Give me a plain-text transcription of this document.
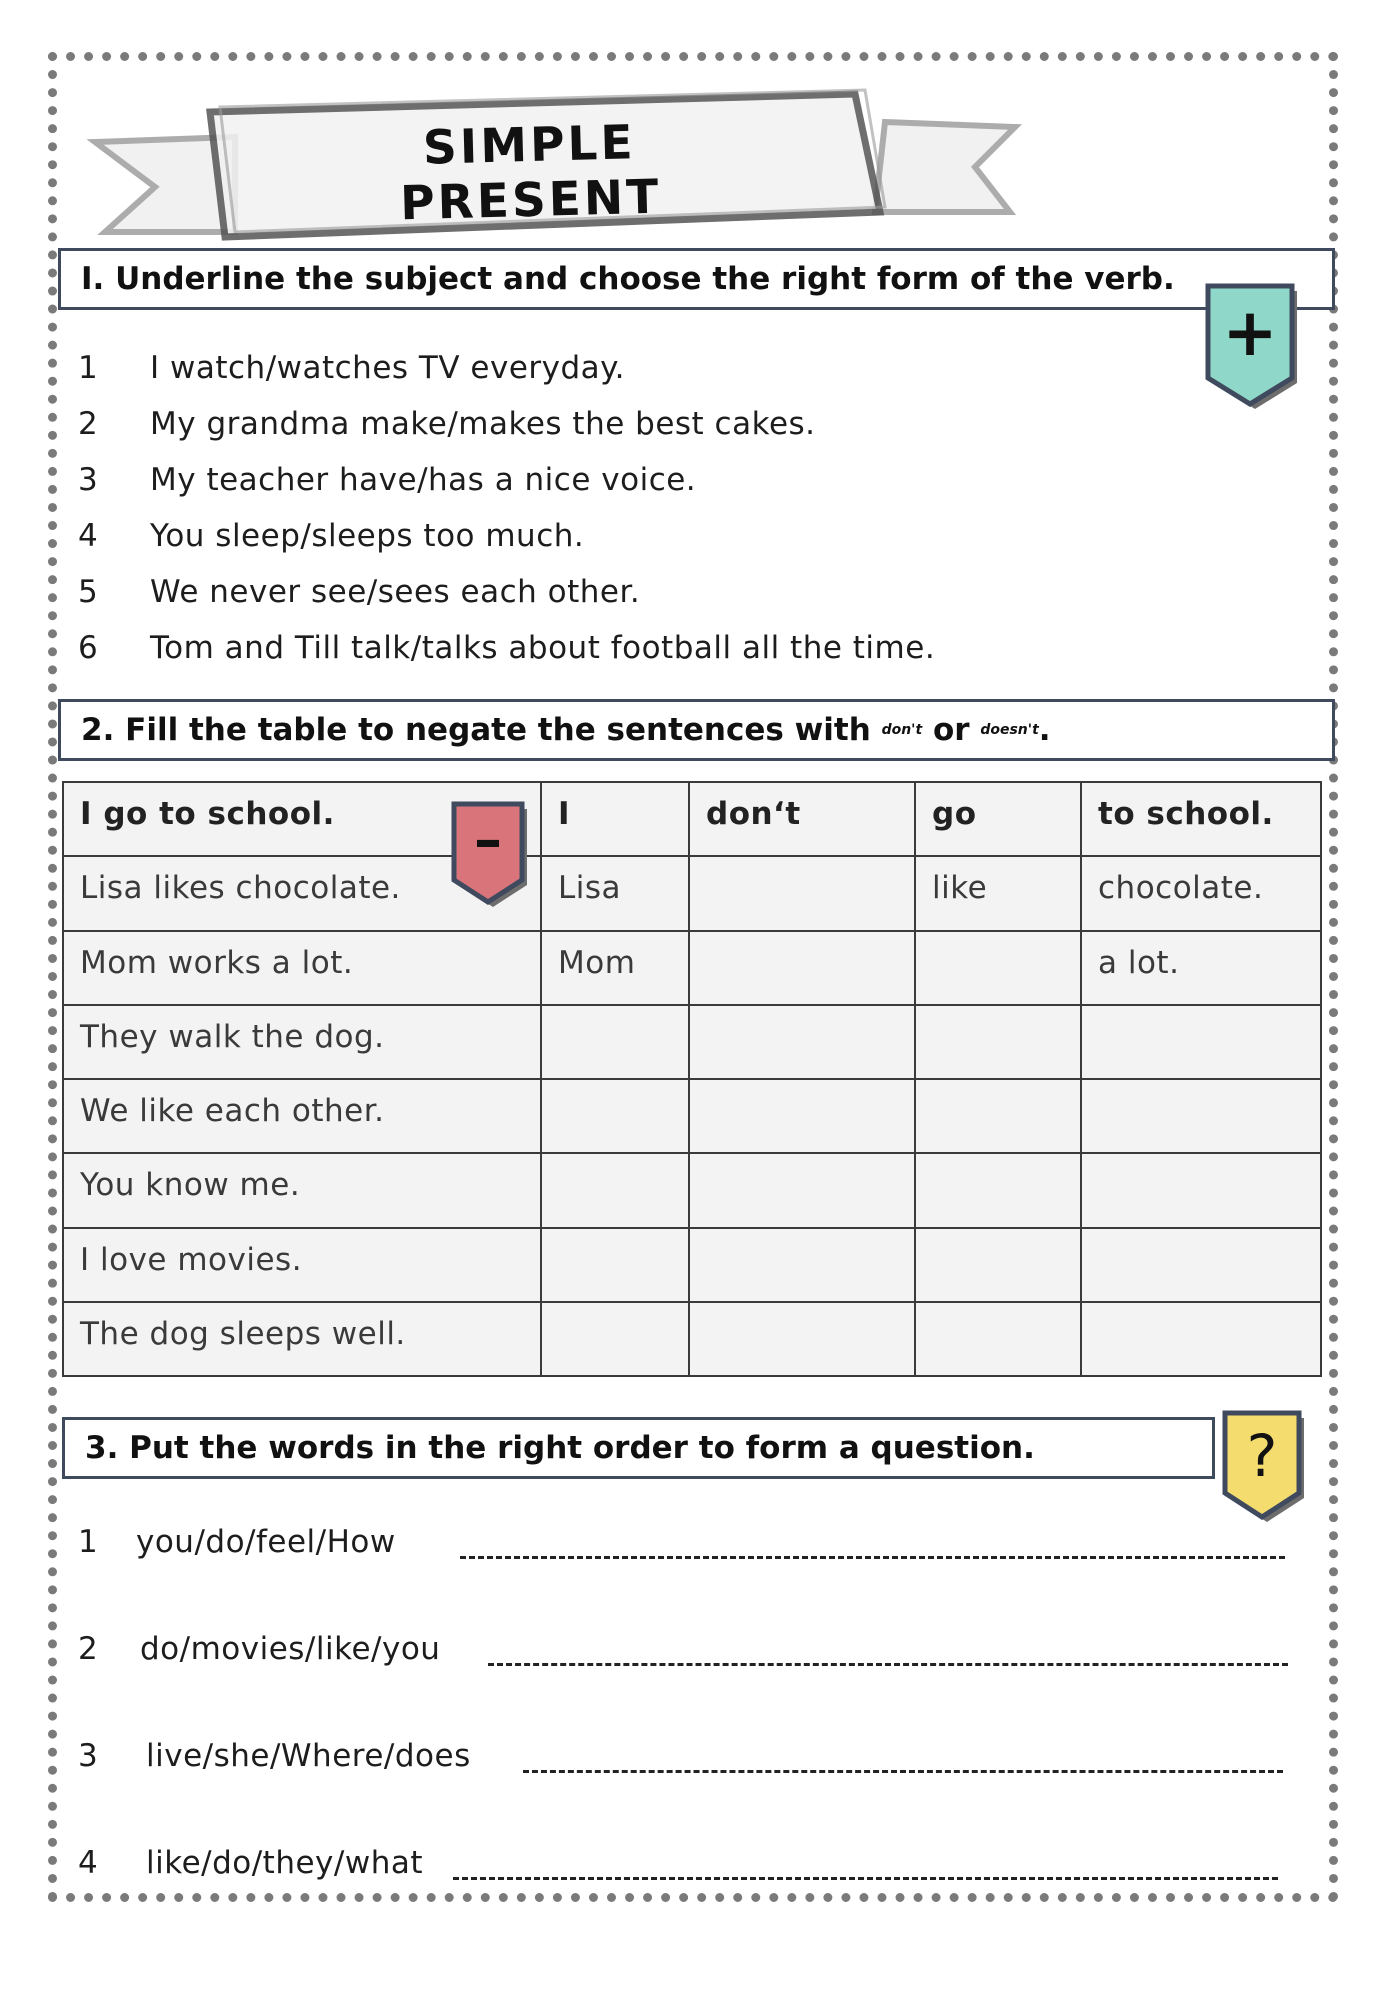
SIMPLE PRESENT
I. Underline the subject and choose the right form of the verb.
+
1	I watch/watches TV everyday.
2	My grandma make/makes the best cakes.
3	My teacher have/has a nice voice.
4	You sleep/sleeps too much.
5	We never see/sees each other.
6	Tom and Till talk/talks about football all the time.
2. Fill the table to negate the sentences with don't or doesn't .
I go to school.	I	don‘t	go	to school.
Lisa likes chocolate.	Lisa		like	chocolate.
Mom works a lot.	Mom			a lot.
They walk the dog.				
We like each other.				
You know me.				
I love movies.				
The dog sleeps well.				
–
3. Put the words in the right order to form a question.	?
1 you/do/feel/How
2 do/movies/like/you
3 live/she/Where/does
4 like/do/they/what
